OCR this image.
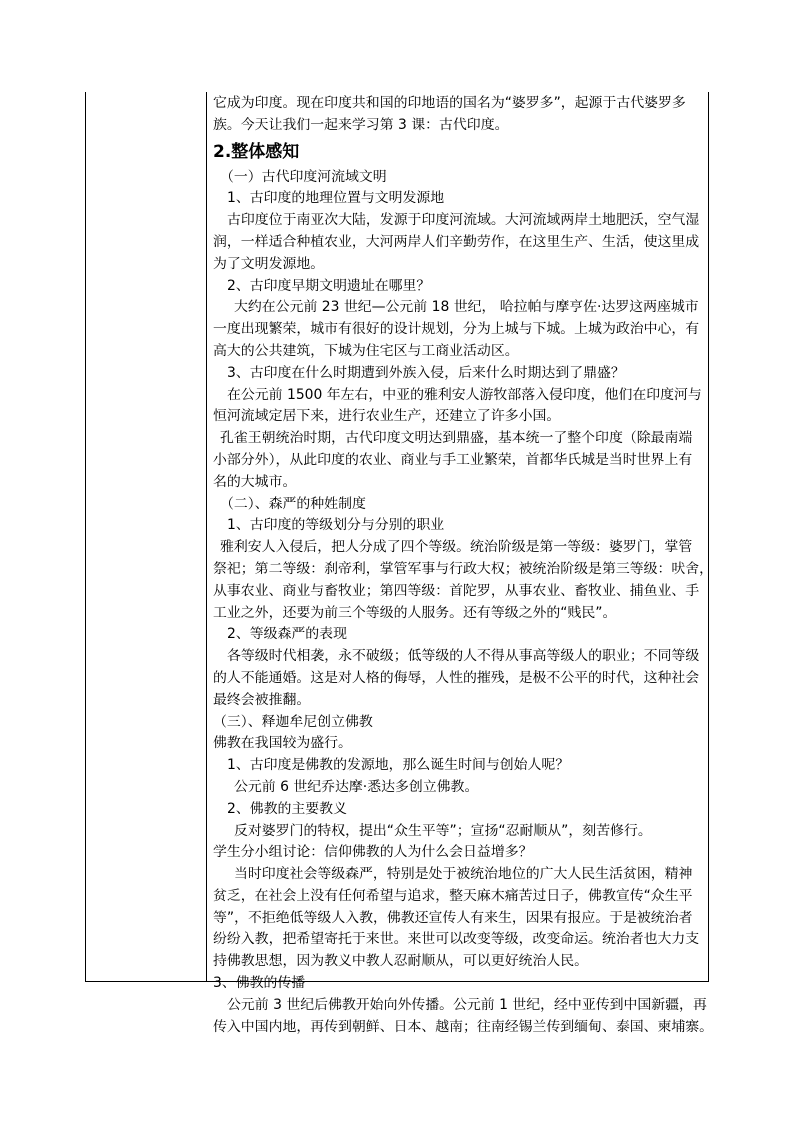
它成为印度。现在印度共和国的印地语的国名为“婆罗多”，起源于古代婆罗多
族。今天让我们一起来学习第 3 课：古代印度。
2.整体感知
（一）古代印度河流域文明
1、古印度的地理位置与文明发源地
古印度位于南亚次大陆，发源于印度河流域。大河流域两岸土地肥沃，空气湿
润，一样适合种植农业，大河两岸人们辛勤劳作，在这里生产、生活，使这里成
为了文明发源地。
2、古印度早期文明遗址在哪里？
大约在公元前 23 世纪—公元前 18 世纪， 哈拉帕与摩亨佐·达罗这两座城市
一度出现繁荣，城市有很好的设计规划，分为上城与下城。上城为政治中心，有
高大的公共建筑，下城为住宅区与工商业活动区。
3、古印度在什么时期遭到外族入侵，后来什么时期达到了鼎盛？
在公元前 1500 年左右，中亚的雅利安人游牧部落入侵印度，他们在印度河与
恒河流域定居下来，进行农业生产，还建立了许多小国。
孔雀王朝统治时期，古代印度文明达到鼎盛，基本统一了整个印度（除最南端
小部分外），从此印度的农业、商业与手工业繁荣，首都华氏城是当时世界上有
名的大城市。
（二）、森严的种姓制度
1、古印度的等级划分与分别的职业
雅利安人入侵后，把人分成了四个等级。统治阶级是第一等级：婆罗门，掌管
祭祀；第二等级：刹帝利，掌管军事与行政大权；被统治阶级是第三等级：吠舍，
从事农业、商业与畜牧业；第四等级：首陀罗，从事农业、畜牧业、捕鱼业、手
工业之外，还要为前三个等级的人服务。还有等级之外的“贱民”。
2、等级森严的表现
各等级时代相袭，永不破级；低等级的人不得从事高等级人的职业；不同等级
的人不能通婚。这是对人格的侮辱，人性的摧残，是极不公平的时代，这种社会
最终会被推翻。
（三）、释迦牟尼创立佛教
佛教在我国较为盛行。
1、古印度是佛教的发源地，那么诞生时间与创始人呢？
公元前 6 世纪乔达摩·悉达多创立佛教。
2、佛教的主要教义
反对婆罗门的特权，提出“众生平等”；宣扬“忍耐顺从”，刻苦修行。
学生分小组讨论：信仰佛教的人为什么会日益增多？
当时印度社会等级森严，特别是处于被统治地位的广大人民生活贫困，精神
贫乏，在社会上没有任何希望与追求，整天麻木痛苦过日子，佛教宣传“众生平
等”，不拒绝低等级人入教，佛教还宣传人有来生，因果有报应。于是被统治者
纷纷入教，把希望寄托于来世。来世可以改变等级，改变命运。统治者也大力支
持佛教思想，因为教义中教人忍耐顺从，可以更好统治人民。
3、佛教的传播
公元前 3 世纪后佛教开始向外传播。公元前 1 世纪，经中亚传到中国新疆，再
传入中国内地，再传到朝鲜、日本、越南；往南经锡兰传到缅甸、泰国、柬埔寨。
